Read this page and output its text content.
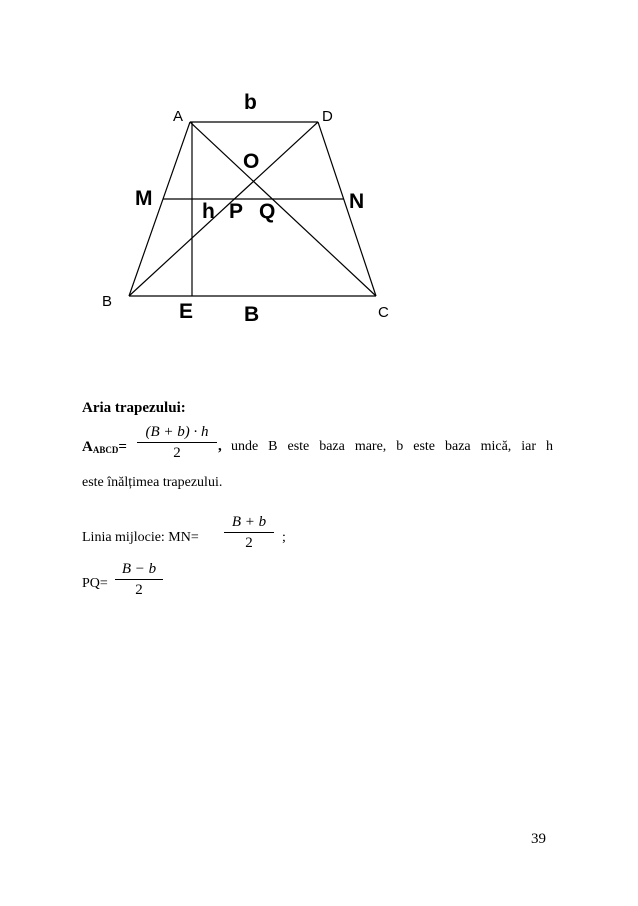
A	D
B
C
b
O
M	N
h P Q
E B
Aria trapezului:
$A_{ABCD}=$
(B + b) · h
2	, unde B este baza mare, b este baza mică, iar h
este înălțimea trapezului.
Linia mijlocie: MN=
B + b
2	;
PQ=
B − b
2
39
